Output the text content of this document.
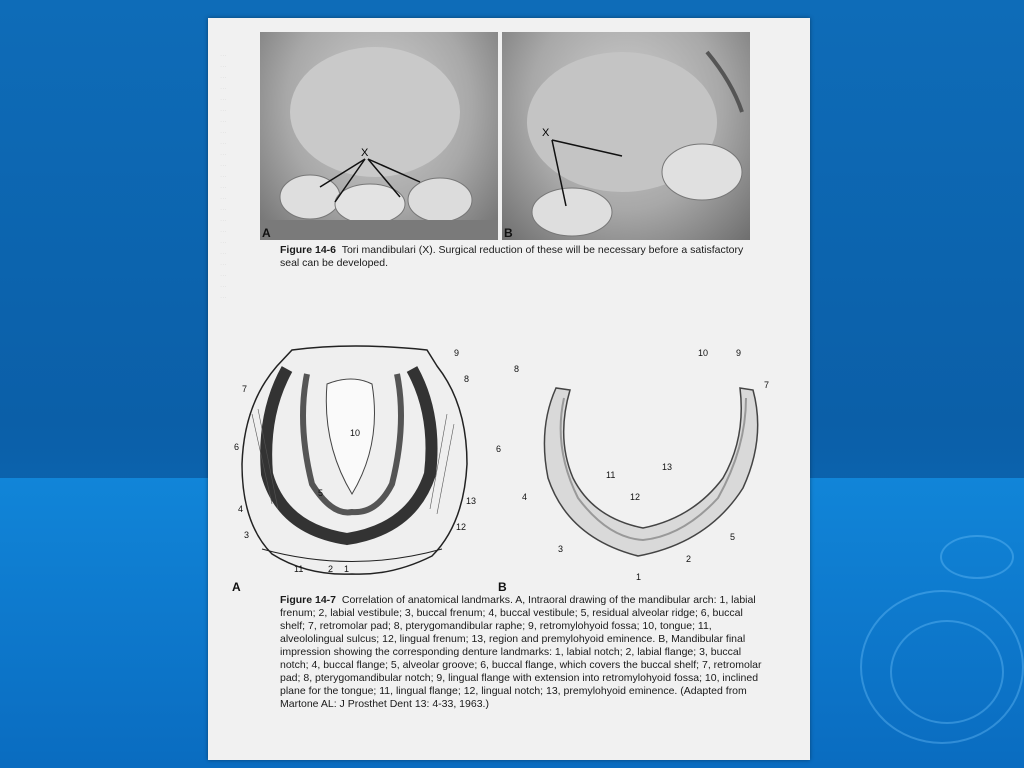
...
...
...
...
...
...
...
...
...
...
...
...
...
...
...
...
...
...
...
...
...
...
...
X
X
A	B
Figure 14-6 Tori mandibulari (X). Surgical reduction of these will be necessary before a satisfactory seal can be developed.
9
8
7
6
10
5
4
3
13
12
11	2 1
8
10	9
7
6
13
11
12
4
5
3
2
1
A	B
Figure 14-7 Correlation of anatomical landmarks. A, Intraoral drawing of the mandibular arch: 1, labial frenum; 2, labial vestibule; 3, buccal frenum; 4, buccal vestibule; 5, residual alveolar ridge; 6, buccal shelf; 7, retromolar pad; 8, pterygomandibular raphe; 9, retromylohyoid fossa; 10, tongue; 11, alveololingual sulcus; 12, lingual frenum; 13, region and premylohyoid eminence. B, Mandibular final impression showing the corresponding denture landmarks: 1, labial notch; 2, labial flange; 3, buccal notch; 4, buccal flange; 5, alveolar groove; 6, buccal flange, which covers the buccal shelf; 7, retromolar pad; 8, pterygomandibular notch; 9, lingual flange with extension into retromylohyoid fossa; 10, inclined plane for the tongue; 11, lingual flange; 12, lingual notch; 13, premylohyoid eminence. (Adapted from Martone AL: J Prosthet Dent 13: 4-33, 1963.)
